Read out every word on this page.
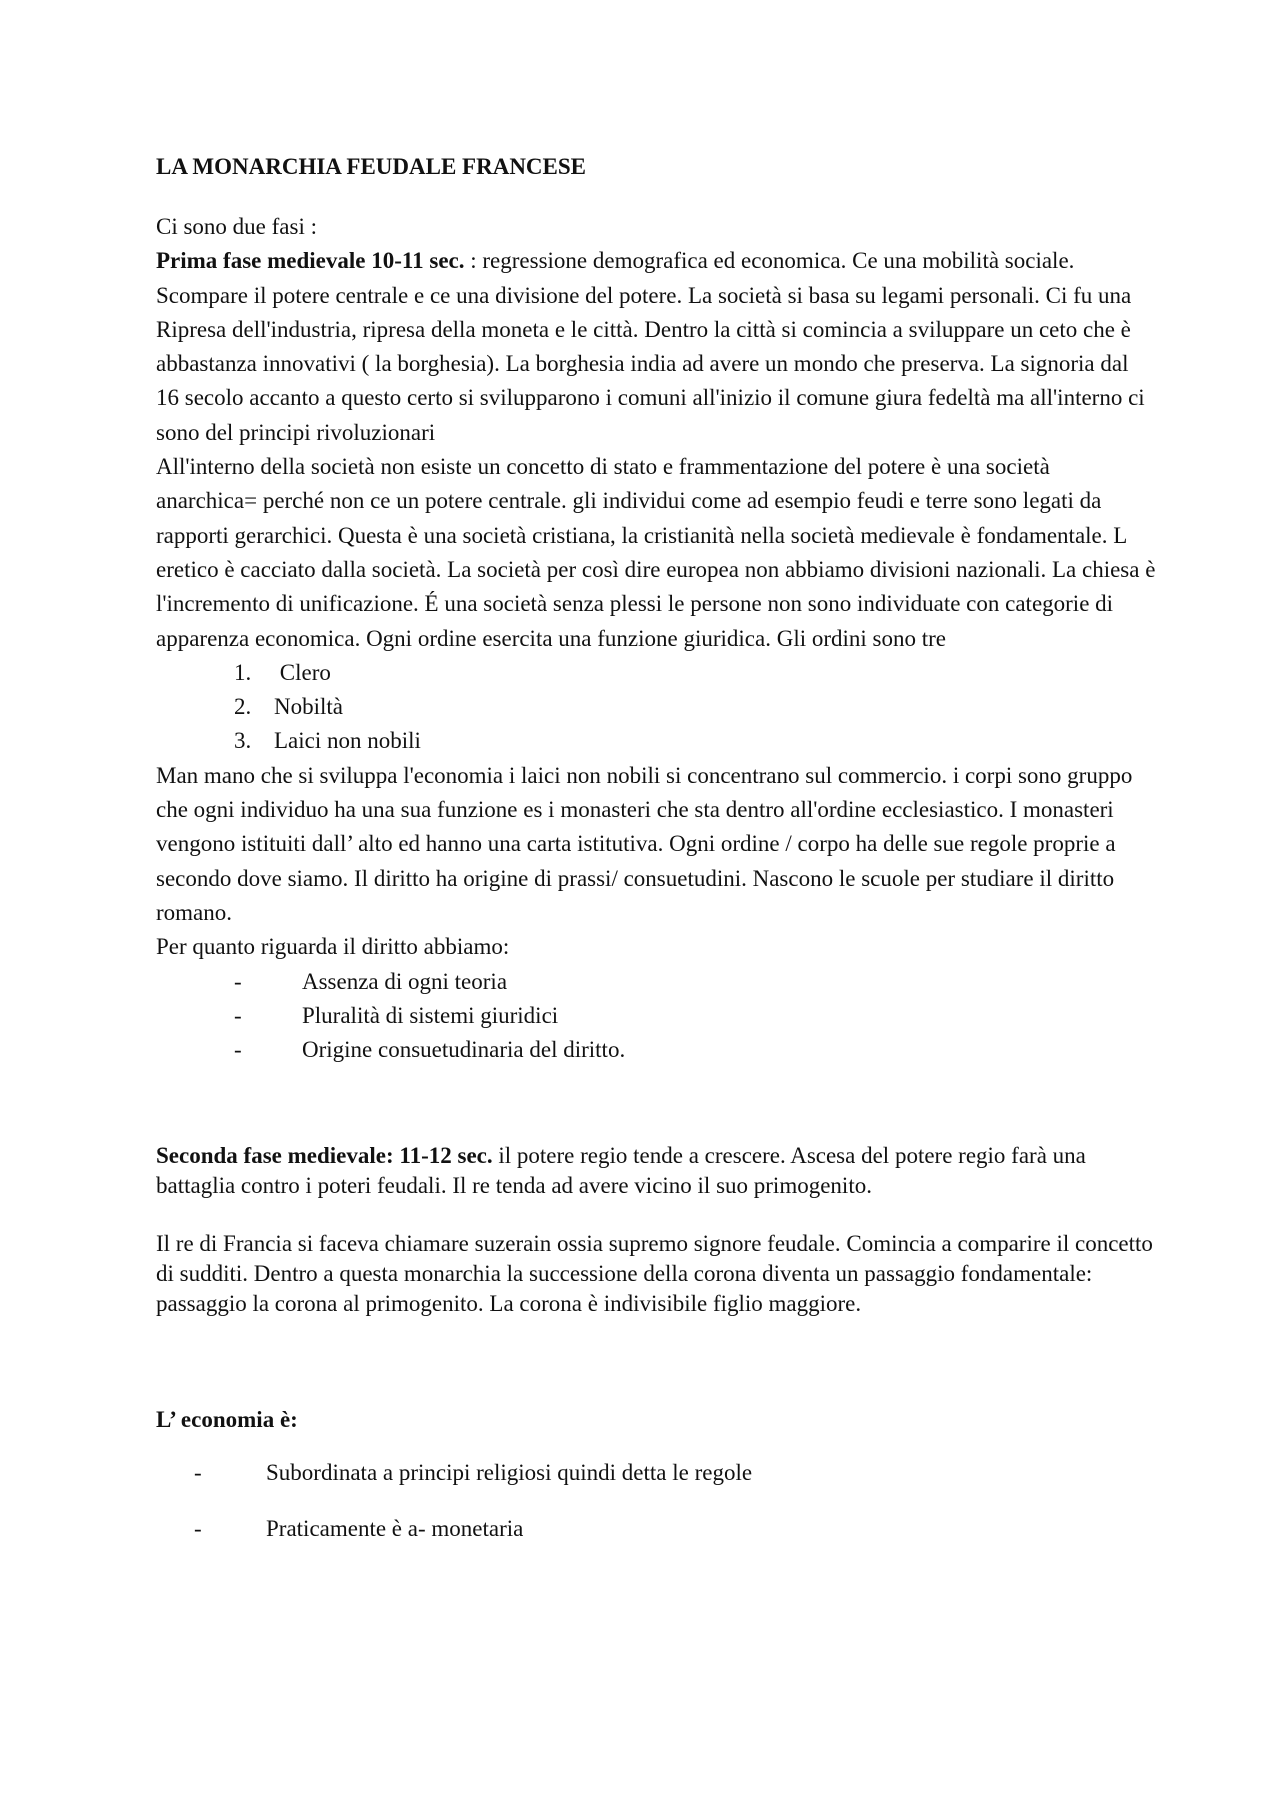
LA MONARCHIA FEUDALE FRANCESE

Ci sono due fasi :

Prima fase medievale 10-11 sec. : regressione demografica ed economica. Ce una mobilità sociale. Scompare il potere centrale e ce una divisione del potere. La società si basa su legami personali. Ci fu una Ripresa dell'industria, ripresa della moneta e le città. Dentro la città si comincia a sviluppare un ceto che è abbastanza innovativi ( la borghesia). La borghesia india ad avere un mondo che preserva. La signoria dal 16 secolo accanto a questo certo si svilupparono i comuni all'inizio il comune giura fedeltà ma all'interno ci sono del principi rivoluzionari

All'interno della società non esiste un concetto di stato e frammentazione del potere è una società anarchica= perché non ce un potere centrale. gli individui come ad esempio feudi e terre sono legati da rapporti gerarchici. Questa è una società cristiana, la cristianità nella società medievale è fondamentale. L eretico è cacciato dalla società. La società per così dire europea non abbiamo divisioni nazionali. La chiesa è l'incremento di unificazione. É una società senza plessi le persone non sono individuate con categorie di apparenza economica. Ogni ordine esercita una funzione giuridica. Gli ordini sono tre

1. Clero
2. Nobiltà
3. Laici non nobili

Man mano che si sviluppa l'economia i laici non nobili si concentrano sul commercio. i corpi sono gruppo che ogni individuo ha una sua funzione es i monasteri che sta dentro all'ordine ecclesiastico. I monasteri vengono istituiti dall’ alto ed hanno una carta istitutiva. Ogni ordine / corpo ha delle sue regole proprie a secondo dove siamo. Il diritto ha origine di prassi/ consuetudini. Nascono le scuole per studiare il diritto romano.

Per quanto riguarda il diritto abbiamo:

-	Assenza di ogni teoria
-	Pluralità di sistemi giuridici
-	Origine consuetudinaria del diritto.

Seconda fase medievale: 11-12 sec. il potere regio tende a crescere. Ascesa del potere regio farà una battaglia contro i poteri feudali. Il re tenda ad avere vicino il suo primogenito.

Il re di Francia si faceva chiamare suzerain ossia supremo signore feudale. Comincia a comparire il concetto di sudditi. Dentro a questa monarchia la successione della corona diventa un passaggio fondamentale: passaggio la corona al primogenito. La corona è indivisibile figlio maggiore.

L’ economia è:

-	Subordinata a principi religiosi quindi detta le regole
-	Praticamente è a- monetaria
